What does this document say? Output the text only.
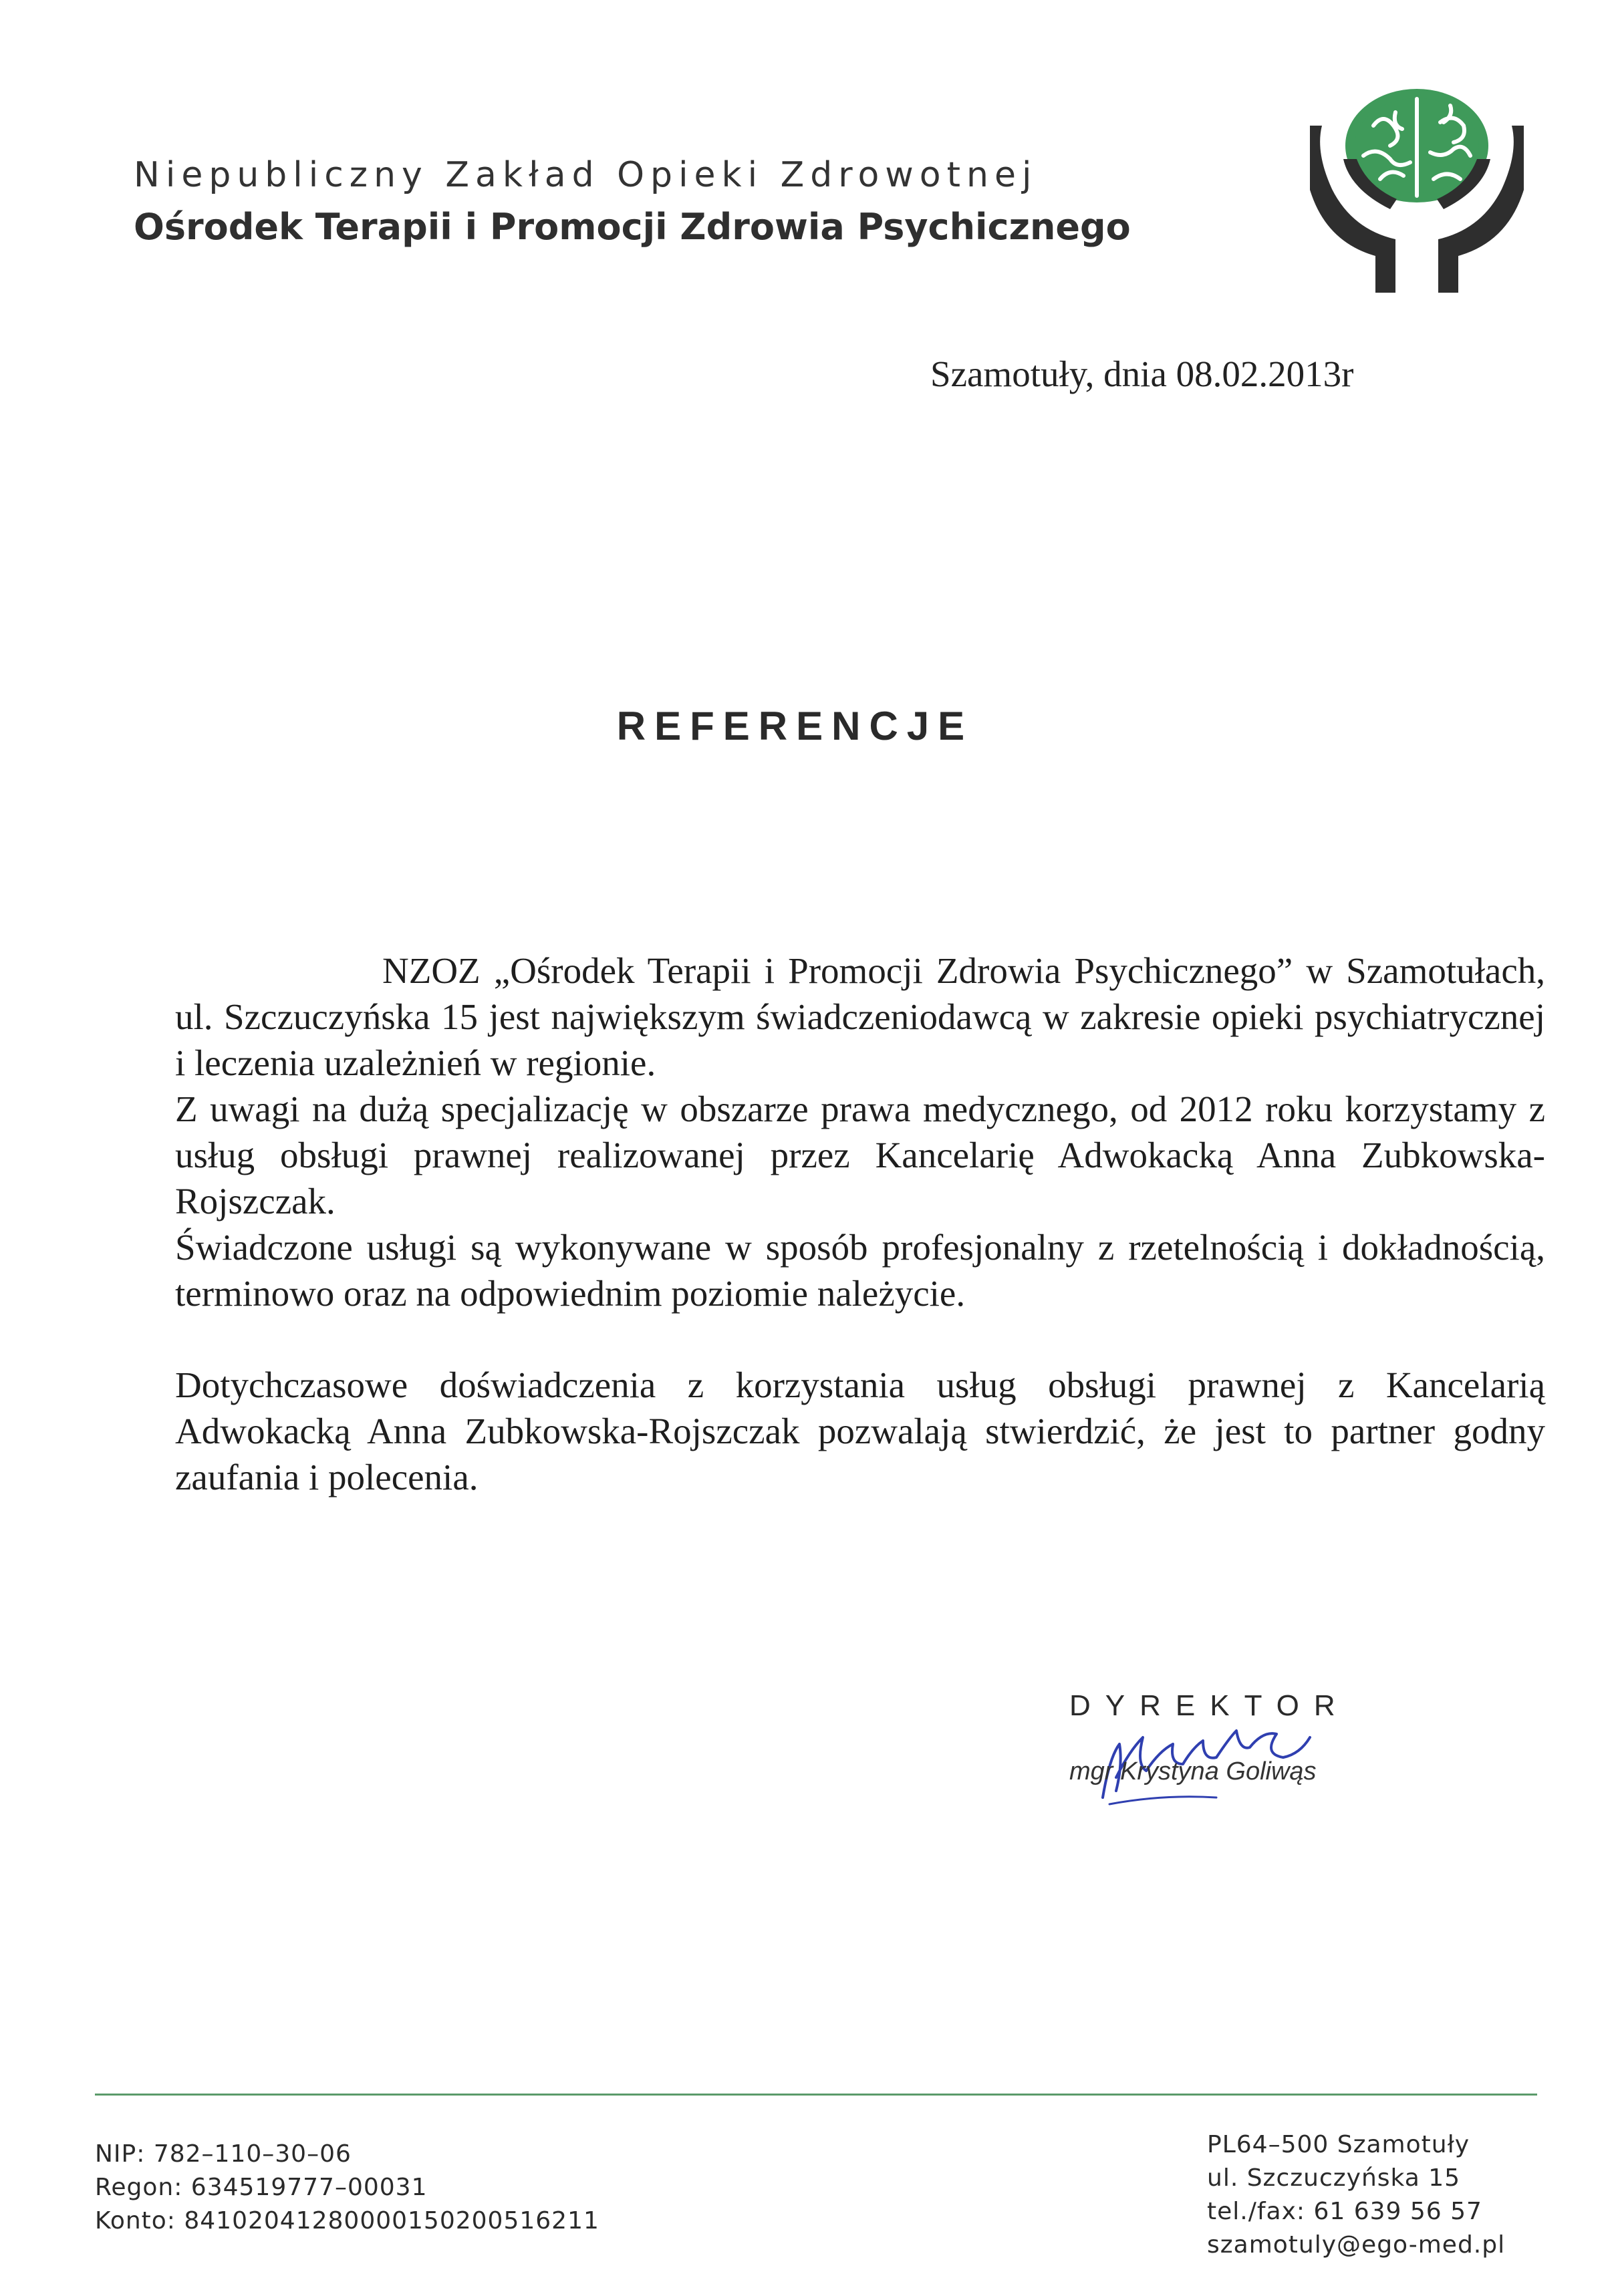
Niepubliczny Zakład Opieki Zdrowotnej
Ośrodek Terapii i Promocji Zdrowia Psychicznego
Szamotuły, dnia 08.02.2013r
REFERENCJE

NZOZ „Ośrodek Terapii i Promocji Zdrowia Psychicznego” w Szamotułach, ul. Szczuczyńska 15 jest największym świadczeniodawcą w zakresie opieki psychiatrycznej i leczenia uzależnień w regionie.

Z uwagi na dużą specjalizację w obszarze prawa medycznego, od 2012 roku korzystamy z usług obsługi prawnej realizowanej przez Kancelarię Adwokacką Anna Zubkowska-Rojszczak.

Świadczone usługi są wykonywane w sposób profesjonalny z rzetelnością i dokładnością, terminowo oraz na odpowiednim poziomie należycie.

Dotychczasowe doświadczenia z korzystania usług obsługi prawnej z Kancelarią Adwokacką Anna Zubkowska-Rojszczak pozwalają stwierdzić, że jest to partner godny zaufania i polecenia.

DYREKTOR
mgr Krystyna Goliwąs
NIP: 782–110–30–06
Regon: 634519777–00031
Konto: 84102041280000150200516211
PL64–500 Szamotuły
ul. Szczuczyńska 15
tel./fax: 61 639 56 57
szamotuly@ego-med.pl
